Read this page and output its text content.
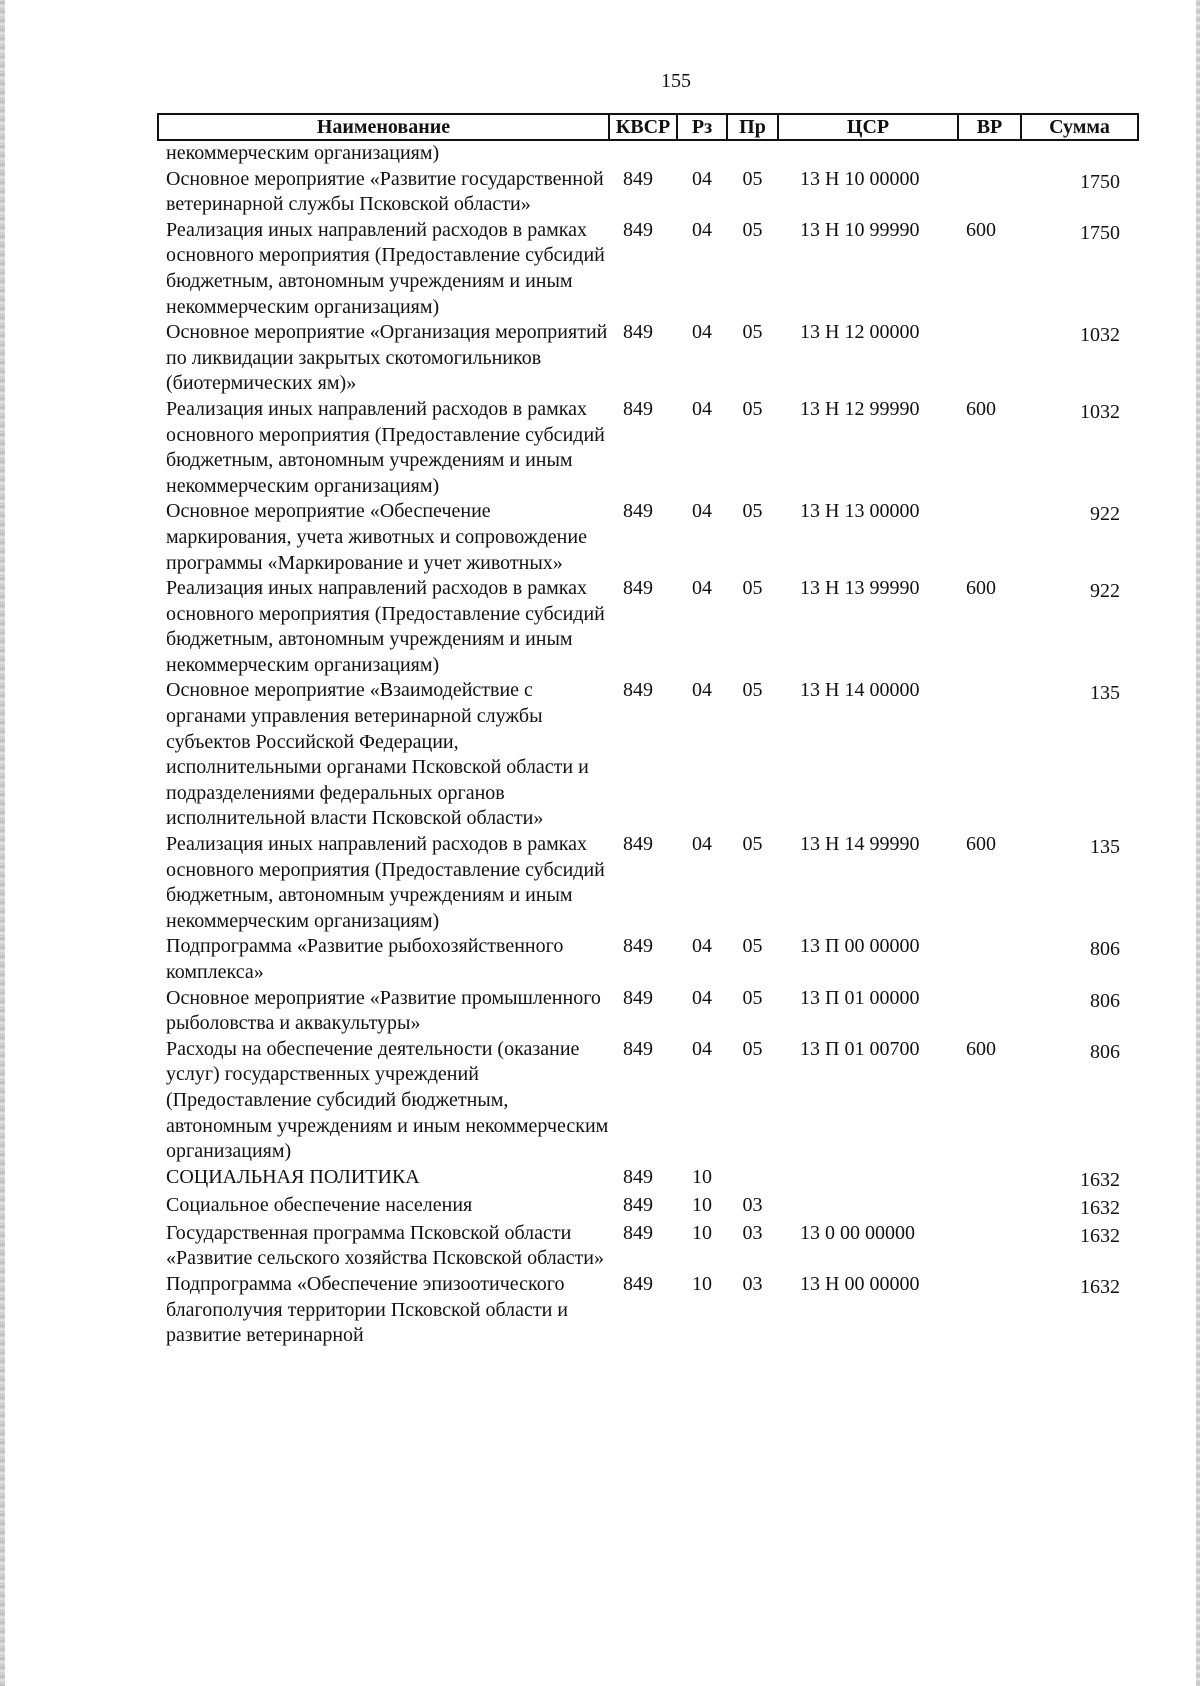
155
Наименование	КВСР	Рз	Пр	ЦСР	ВР	Сумма
некоммерческим организациям)						
Основное мероприятие «Развитие государственной ветеринарной службы Псковской области»	849	04	05	13 Н 10 00000		1750
Реализация иных направлений расходов в рамках основного мероприятия (Предоставление субсидий бюджетным, автономным учреждениям и иным некоммерческим организациям)	849	04	05	13 Н 10 99990	600	1750
Основное мероприятие «Организация мероприятий по ликвидации закрытых скотомогильников (биотермических ям)»	849	04	05	13 Н 12 00000		1032
Реализация иных направлений расходов в рамках основного мероприятия (Предоставление субсидий бюджетным, автономным учреждениям и иным некоммерческим организациям)	849	04	05	13 Н 12 99990	600	1032
Основное мероприятие «Обеспечение маркирования, учета животных и сопровождение программы «Маркирование и учет животных»	849	04	05	13 Н 13 00000		922
Реализация иных направлений расходов в рамках основного мероприятия (Предоставление субсидий бюджетным, автономным учреждениям и иным некоммерческим организациям)	849	04	05	13 Н 13 99990	600	922
Основное мероприятие «Взаимодействие с органами управления ветеринарной службы субъектов Российской Федерации, исполнительными органами Псковской области и подразделениями федеральных органов исполнительной власти Псковской области»	849	04	05	13 Н 14 00000		135
Реализация иных направлений расходов в рамках основного мероприятия (Предоставление субсидий бюджетным, автономным учреждениям и иным некоммерческим организациям)	849	04	05	13 Н 14 99990	600	135
Подпрограмма «Развитие рыбохозяйственного комплекса»	849	04	05	13 П 00 00000		806
Основное мероприятие «Развитие промышленного рыболовства и аквакультуры»	849	04	05	13 П 01 00000		806
Расходы на обеспечение деятельности (оказание услуг) государственных учреждений (Предоставление субсидий бюджетным, автономным учреждениям и иным некоммерческим организациям)	849	04	05	13 П 01 00700	600	806
СОЦИАЛЬНАЯ ПОЛИТИКА	849	10				1632
Социальное обеспечение населения	849	10	03			1632
Государственная программа Псковской области «Развитие сельского хозяйства Псковской области»	849	10	03	13 0 00 00000		1632
Подпрограмма «Обеспечение эпизоотического благополучия территории Псковской области и развитие ветеринарной	849	10	03	13 Н 00 00000		1632
